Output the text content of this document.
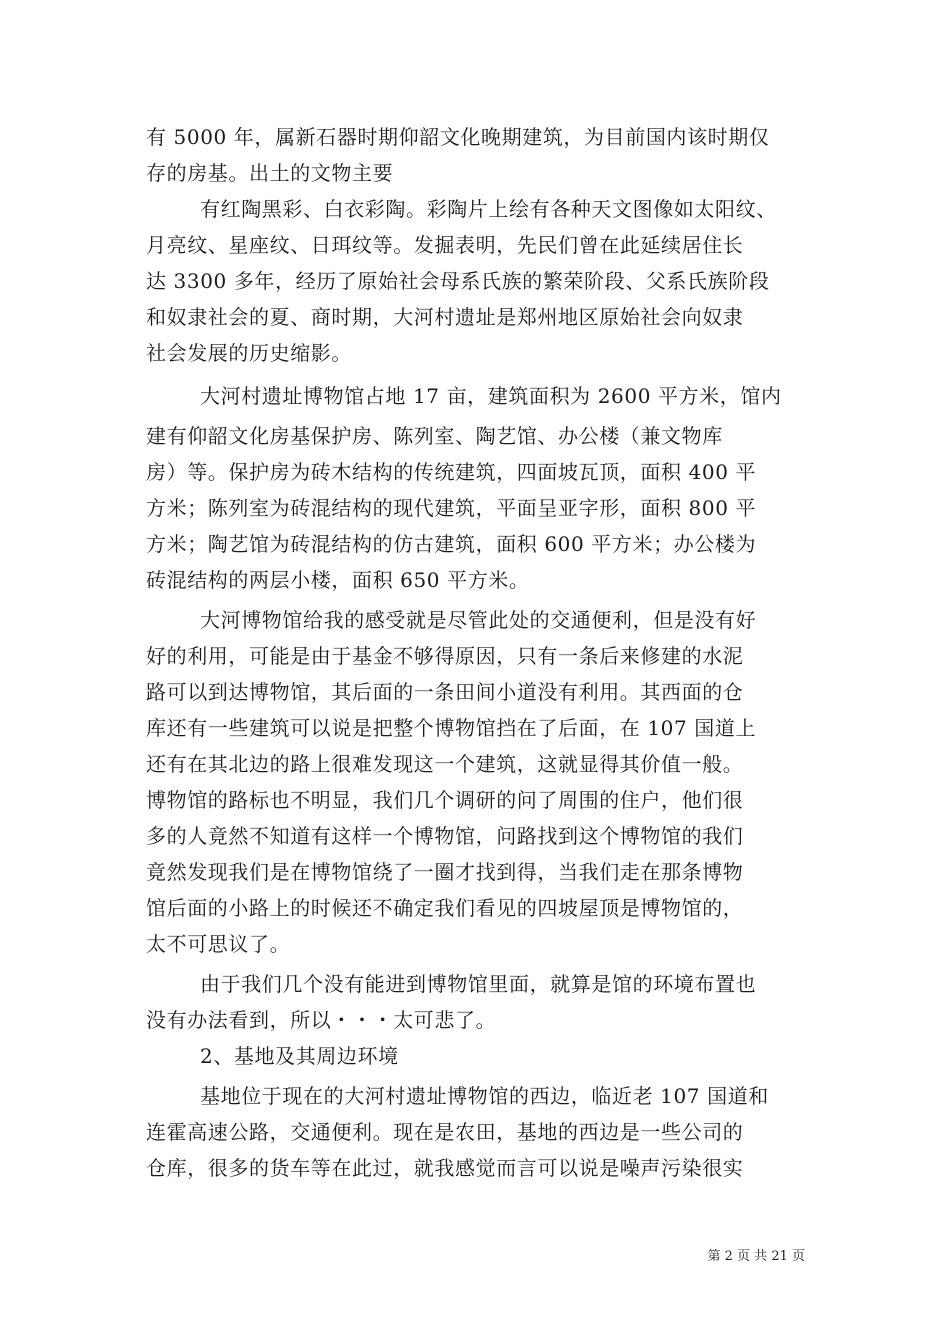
有 5000 年，属新石器时期仰韶文化晚期建筑，为目前国内该时期仅
存的房基。出土的文物主要
有红陶黑彩、白衣彩陶。彩陶片上绘有各种天文图像如太阳纹、
月亮纹、星座纹、日珥纹等。发掘表明，先民们曾在此延续居住长
达 3300 多年，经历了原始社会母系氏族的繁荣阶段、父系氏族阶段
和奴隶社会的夏、商时期，大河村遗址是郑州地区原始社会向奴隶
社会发展的历史缩影。
大河村遗址博物馆占地 17 亩，建筑面积为 2600 平方米，馆内
建有仰韶文化房基保护房、陈列室、陶艺馆、办公楼（兼文物库
房）等。保护房为砖木结构的传统建筑，四面坡瓦顶，面积 400 平
方米；陈列室为砖混结构的现代建筑，平面呈亚字形，面积 800 平
方米；陶艺馆为砖混结构的仿古建筑，面积 600 平方米；办公楼为
砖混结构的两层小楼，面积 650 平方米。
大河博物馆给我的感受就是尽管此处的交通便利，但是没有好
好的利用，可能是由于基金不够得原因，只有一条后来修建的水泥
路可以到达博物馆，其后面的一条田间小道没有利用。其西面的仓
库还有一些建筑可以说是把整个博物馆挡在了后面，在 107 国道上
还有在其北边的路上很难发现这一个建筑，这就显得其价值一般。
博物馆的路标也不明显，我们几个调研的问了周围的住户，他们很
多的人竟然不知道有这样一个博物馆，问路找到这个博物馆的我们
竟然发现我们是在博物馆绕了一圈才找到得，当我们走在那条博物
馆后面的小路上的时候还不确定我们看见的四坡屋顶是博物馆的，
太不可思议了。
由于我们几个没有能进到博物馆里面，就算是馆的环境布置也
没有办法看到，所以・・・太可悲了。
2、基地及其周边环境
基地位于现在的大河村遗址博物馆的西边，临近老 107 国道和
连霍高速公路，交通便利。现在是农田，基地的西边是一些公司的
仓库，很多的货车等在此过，就我感觉而言可以说是噪声污染很实
第 2 页 共 21 页
